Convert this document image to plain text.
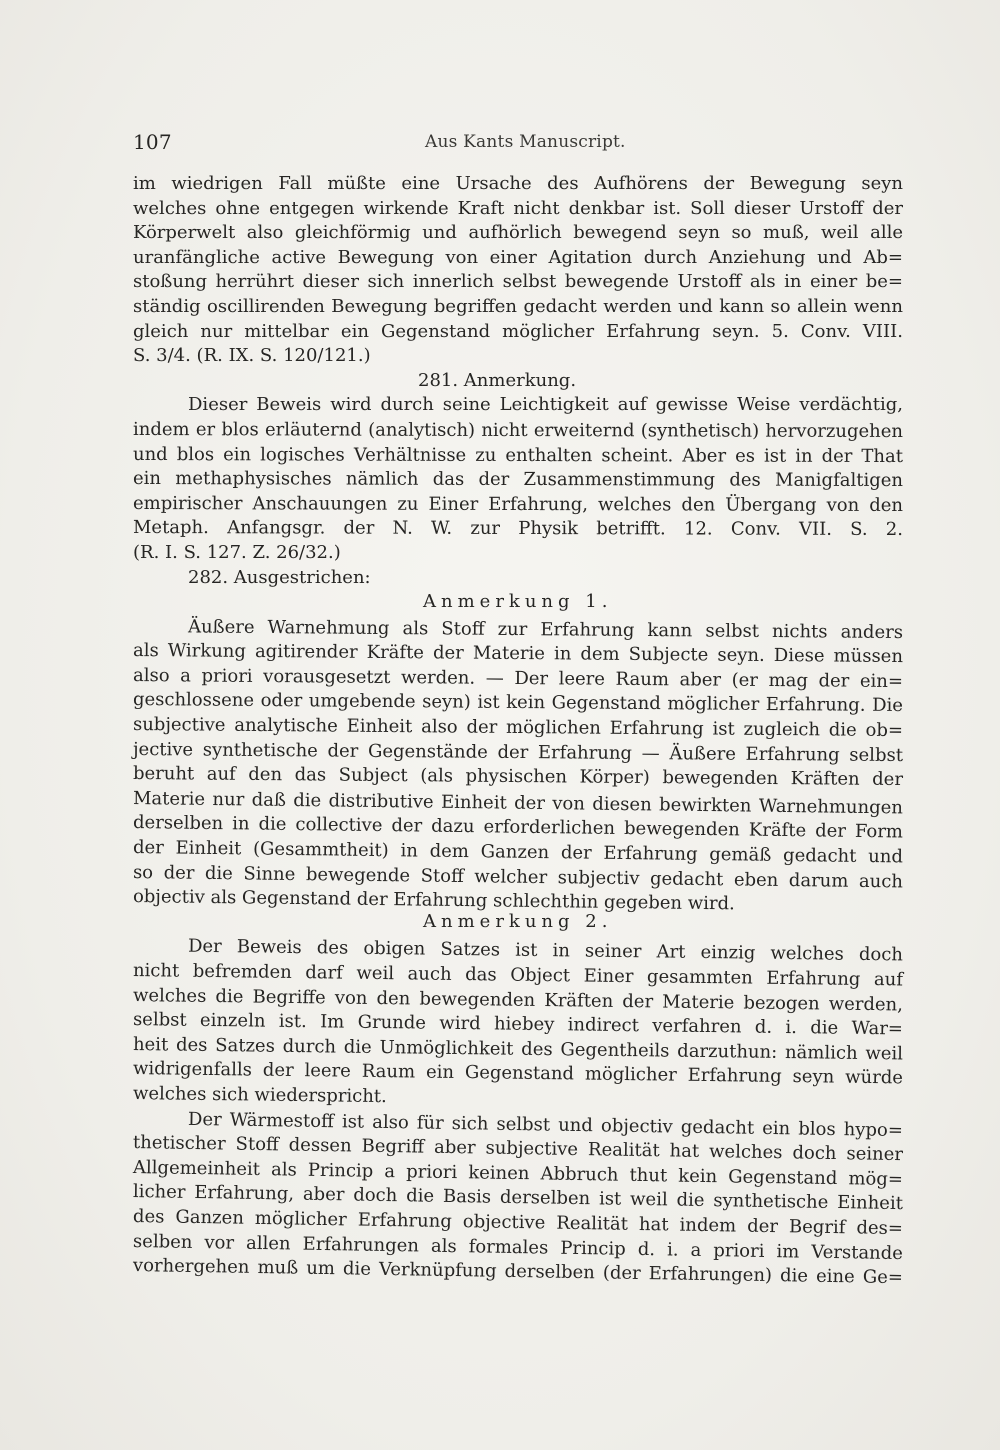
107	Aus Kants Manuscript.
im wiedrigen Fall müßte eine Ursache des Aufhörens der Bewegung seyn
welches ohne entgegen wirkende Kraft nicht denkbar ist. Soll dieser Urstoff der
Körperwelt also gleichförmig und aufhörlich bewegend seyn so muß, weil alle
uranfängliche active Bewegung von einer Agitation durch Anziehung und Ab=
stoßung herrührt dieser sich innerlich selbst bewegende Urstoff als in einer be=
ständig oscillirenden Bewegung begriffen gedacht werden und kann so allein wenn
gleich nur mittelbar ein Gegenstand möglicher Erfahrung seyn. 5. Conv. VIII.
S. 3/4. (R. IX. S. 120/121.)
281. Anmerkung.
Dieser Beweis wird durch seine Leichtigkeit auf gewisse Weise verdächtig,
indem er blos erläuternd (analytisch) nicht erweiternd (synthetisch) hervorzugehen
und blos ein logisches Verhältnisse zu enthalten scheint. Aber es ist in der That
ein methaphysisches nämlich das der Zusammenstimmung des Manigfaltigen
empirischer Anschauungen zu Einer Erfahrung, welches den Übergang von den
Metaph. Anfangsgr. der N. W. zur Physik betrifft. 12. Conv. VII. S. 2.
(R. I. S. 127. Z. 26/32.)
282. Ausgestrichen:
Anmerkung 1.
Äußere Warnehmung als Stoff zur Erfahrung kann selbst nichts anders
als Wirkung agitirender Kräfte der Materie in dem Subjecte seyn. Diese müssen
also a priori vorausgesetzt werden. — Der leere Raum aber (er mag der ein=
geschlossene oder umgebende seyn) ist kein Gegenstand möglicher Erfahrung. Die
subjective analytische Einheit also der möglichen Erfahrung ist zugleich die ob=
jective synthetische der Gegenstände der Erfahrung — Äußere Erfahrung selbst
beruht auf den das Subject (als physischen Körper) bewegenden Kräften der
Materie nur daß die distributive Einheit der von diesen bewirkten Warnehmungen
derselben in die collective der dazu erforderlichen bewegenden Kräfte der Form
der Einheit (Gesammtheit) in dem Ganzen der Erfahrung gemäß gedacht und
so der die Sinne bewegende Stoff welcher subjectiv gedacht eben darum auch
objectiv als Gegenstand der Erfahrung schlechthin gegeben wird.
Anmerkung 2.
Der Beweis des obigen Satzes ist in seiner Art einzig welches doch
nicht befremden darf weil auch das Object Einer gesammten Erfahrung auf
welches die Begriffe von den bewegenden Kräften der Materie bezogen werden,
selbst einzeln ist. Im Grunde wird hiebey indirect verfahren d. i. die War=
heit des Satzes durch die Unmöglichkeit des Gegentheils darzuthun: nämlich weil
widrigenfalls der leere Raum ein Gegenstand möglicher Erfahrung seyn würde
welches sich wiederspricht.
Der Wärmestoff ist also für sich selbst und objectiv gedacht ein blos hypo=
thetischer Stoff dessen Begriff aber subjective Realität hat welches doch seiner
Allgemeinheit als Princip a priori keinen Abbruch thut kein Gegenstand mög=
licher Erfahrung, aber doch die Basis derselben ist weil die synthetische Einheit
des Ganzen möglicher Erfahrung objective Realität hat indem der Begrif des=
selben vor allen Erfahrungen als formales Princip d. i. a priori im Verstande
vorhergehen muß um die Verknüpfung derselben (der Erfahrungen) die eine Ge=
